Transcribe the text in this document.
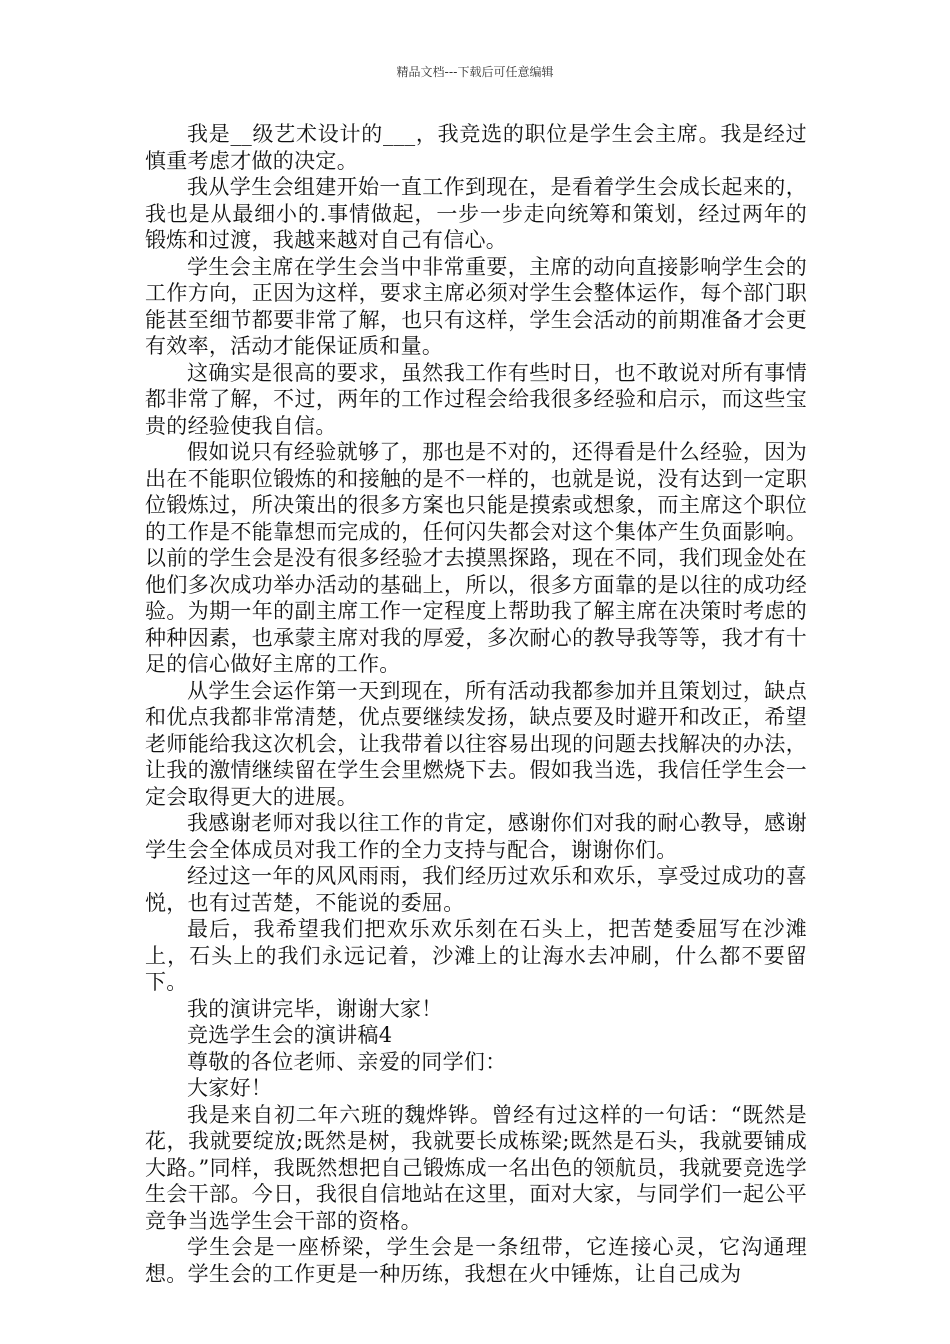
精品文档---下载后可任意编辑

我是__级艺术设计的___，我竞选的职位是学生会主席。我是经过慎重考虑才做的决定。

我从学生会组建开始一直工作到现在，是看着学生会成长起来的，我也是从最细小的.事情做起，一步一步走向统筹和策划，经过两年的锻炼和过渡，我越来越对自己有信心。

学生会主席在学生会当中非常重要，主席的动向直接影响学生会的工作方向，正因为这样，要求主席必须对学生会整体运作，每个部门职能甚至细节都要非常了解，也只有这样，学生会活动的前期准备才会更有效率，活动才能保证质和量。

这确实是很高的要求，虽然我工作有些时日，也不敢说对所有事情都非常了解，不过，两年的工作过程会给我很多经验和启示，而这些宝贵的经验使我自信。

假如说只有经验就够了，那也是不对的，还得看是什么经验，因为出在不能职位锻炼的和接触的是不一样的，也就是说，没有达到一定职位锻炼过，所决策出的很多方案也只能是摸索或想象，而主席这个职位的工作是不能靠想而完成的，任何闪失都会对这个集体产生负面影响。以前的学生会是没有很多经验才去摸黑探路，现在不同，我们现金处在他们多次成功举办活动的基础上，所以，很多方面靠的是以往的成功经验。为期一年的副主席工作一定程度上帮助我了解主席在决策时考虑的种种因素，也承蒙主席对我的厚爱，多次耐心的教导我等等，我才有十足的信心做好主席的工作。

从学生会运作第一天到现在，所有活动我都参加并且策划过，缺点和优点我都非常清楚，优点要继续发扬，缺点要及时避开和改正，希望老师能给我这次机会，让我带着以往容易出现的问题去找解决的办法，让我的激情继续留在学生会里燃烧下去。假如我当选，我信任学生会一定会取得更大的进展。

我感谢老师对我以往工作的肯定，感谢你们对我的耐心教导，感谢学生会全体成员对我工作的全力支持与配合，谢谢你们。

经过这一年的风风雨雨，我们经历过欢乐和欢乐，享受过成功的喜悦，也有过苦楚，不能说的委屈。

最后，我希望我们把欢乐欢乐刻在石头上，把苦楚委屈写在沙滩上，石头上的我们永远记着，沙滩上的让海水去冲刷，什么都不要留下。

我的演讲完毕，谢谢大家！

竞选学生会的演讲稿4

尊敬的各位老师、亲爱的同学们：

大家好！

我是来自初二年六班的魏烨铧。曾经有过这样的一句话：“既然是花，我就要绽放;既然是树，我就要长成栋梁;既然是石头，我就要铺成大路。”同样，我既然想把自己锻炼成一名出色的领航员，我就要竞选学生会干部。今日，我很自信地站在这里，面对大家，与同学们一起公平竞争当选学生会干部的资格。

学生会是一座桥梁，学生会是一条纽带，它连接心灵，它沟通理想。学生会的工作更是一种历练，我想在火中锤炼，让自己成为
